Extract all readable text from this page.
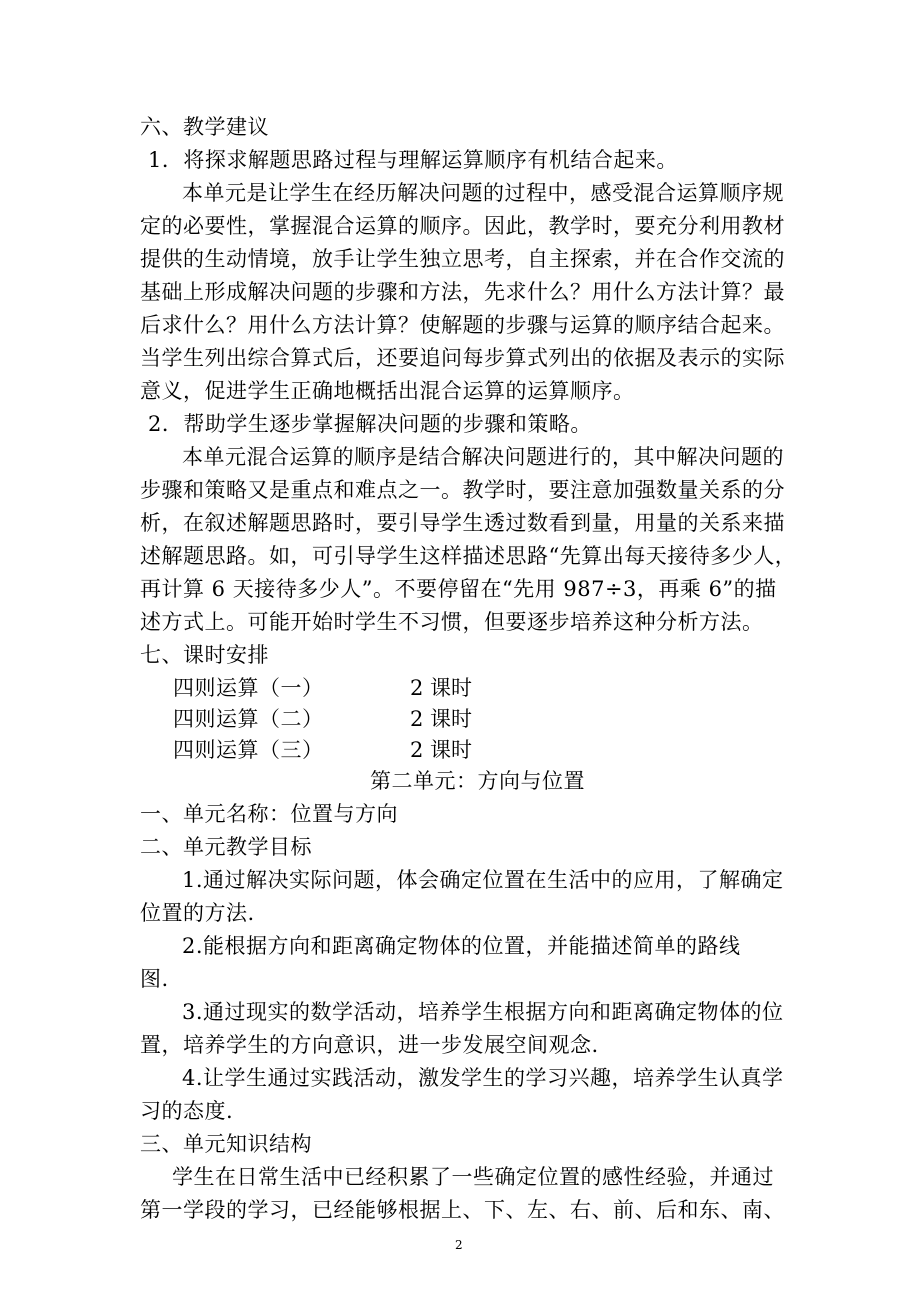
六、教学建议
1．将探求解题思路过程与理解运算顺序有机结合起来。
本单元是让学生在经历解决问题的过程中，感受混合运算顺序规
定的必要性，掌握混合运算的顺序。因此，教学时，要充分利用教材
提供的生动情境，放手让学生独立思考，自主探索，并在合作交流的
基础上形成解决问题的步骤和方法，先求什么？用什么方法计算？最
后求什么？用什么方法计算？使解题的步骤与运算的顺序结合起来。
当学生列出综合算式后，还要追问每步算式列出的依据及表示的实际
意义，促进学生正确地概括出混合运算的运算顺序。
2．帮助学生逐步掌握解决问题的步骤和策略。
本单元混合运算的顺序是结合解决问题进行的，其中解决问题的
步骤和策略又是重点和难点之一。教学时，要注意加强数量关系的分
析，在叙述解题思路时，要引导学生透过数看到量，用量的关系来描
述解题思路。如，可引导学生这样描述思路“先算出每天接待多少人，
再计算 6 天接待多少人”。不要停留在“先用 987÷3，再乘 6”的描
述方式上。可能开始时学生不习惯，但要逐步培养这种分析方法。
七、课时安排
四则运算（一）	2 课时
四则运算（二）	2 课时
四则运算（三）	2 课时
第二单元：方向与位置
一、单元名称：位置与方向
二、单元教学目标
1.通过解决实际问题，体会确定位置在生活中的应用，了解确定
位置的方法.
2.能根据方向和距离确定物体的位置，并能描述简单的路线
图.
3.通过现实的数学活动，培养学生根据方向和距离确定物体的位
置，培养学生的方向意识，进一步发展空间观念.
4.让学生通过实践活动，激发学生的学习兴趣，培养学生认真学
习的态度.
三、单元知识结构
学生在日常生活中已经积累了一些确定位置的感性经验，并通过
第一学段的学习，已经能够根据上、下、左、右、前、后和东、南、
2
